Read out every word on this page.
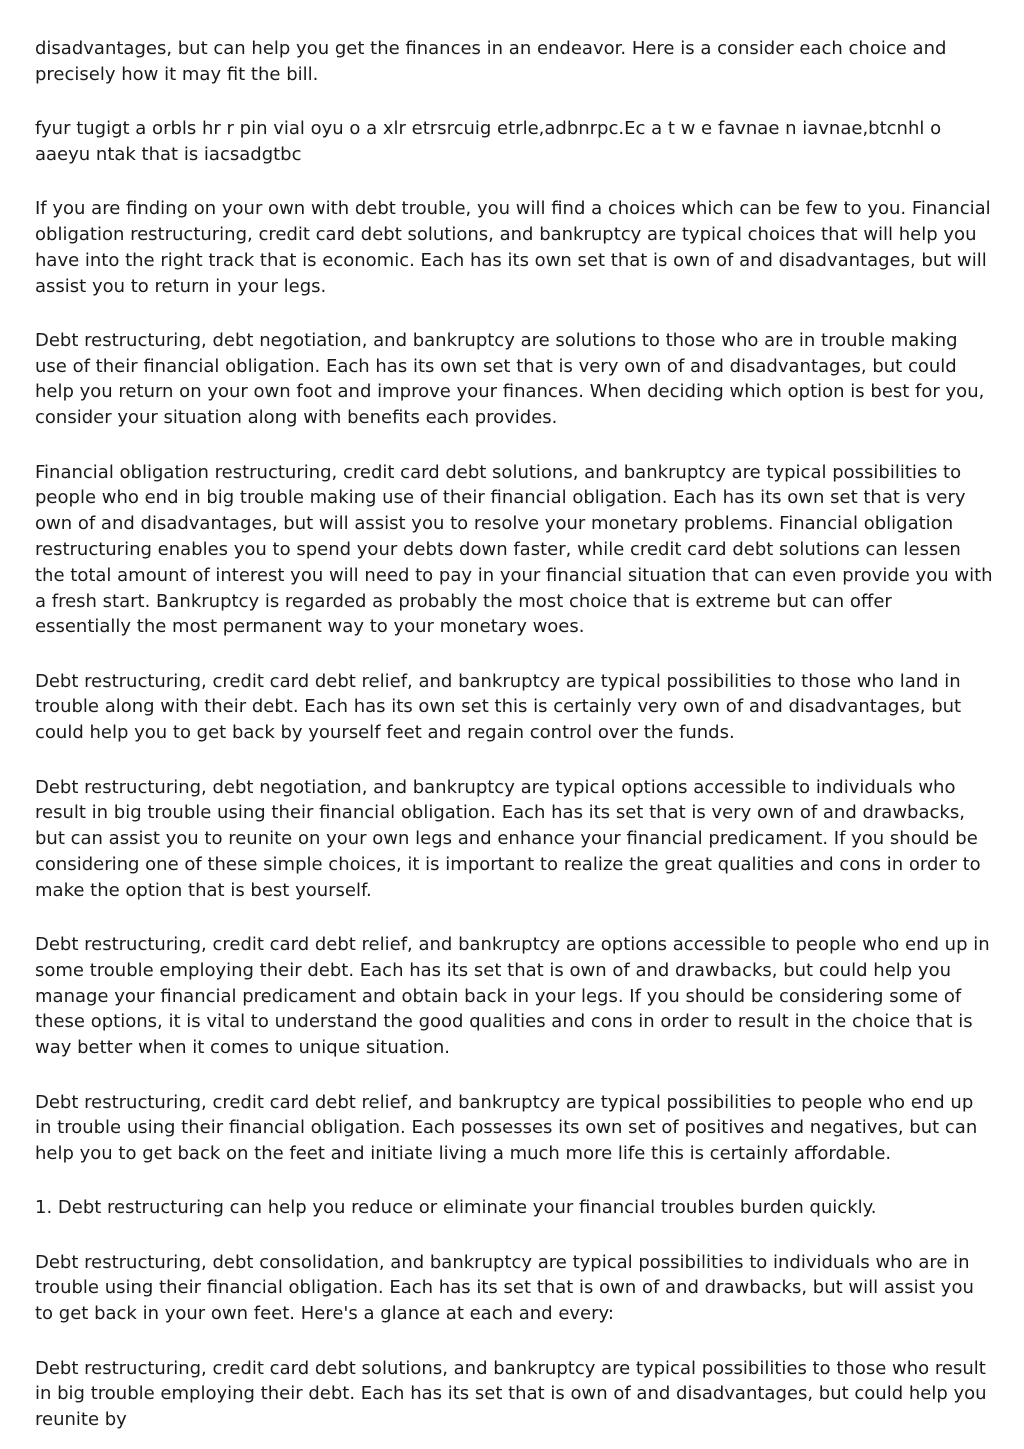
disadvantages, but can help you get the finances in an endeavor. Here is a consider each choice and precisely how it may fit the bill.

fyur tugigt a orbls hr r pin vial oyu o a xlr etrsrcuig etrle,adbnrpc.Ec a t w e favnae n iavnae,btcnhl o aaeyu ntak that is iacsadgtbc

If you are finding on your own with debt trouble, you will find a choices which can be few to you. Financial obligation restructuring, credit card debt solutions, and bankruptcy are typical choices that will help you have into the right track that is economic. Each has its own set that is own of and disadvantages, but will assist you to return in your legs.

Debt restructuring, debt negotiation, and bankruptcy are solutions to those who are in trouble making use of their financial obligation. Each has its own set that is very own of and disadvantages, but could help you return on your own foot and improve your finances. When deciding which option is best for you, consider your situation along with benefits each provides.

Financial obligation restructuring, credit card debt solutions, and bankruptcy are typical possibilities to people who end in big trouble making use of their financial obligation. Each has its own set that is very own of and disadvantages, but will assist you to resolve your monetary problems. Financial obligation restructuring enables you to spend your debts down faster, while credit card debt solutions can lessen the total amount of interest you will need to pay in your financial situation that can even provide you with a fresh start. Bankruptcy is regarded as probably the most choice that is extreme but can offer essentially the most permanent way to your monetary woes.

Debt restructuring, credit card debt relief, and bankruptcy are typical possibilities to those who land in trouble along with their debt. Each has its own set this is certainly very own of and disadvantages, but could help you to get back by yourself feet and regain control over the funds.

Debt restructuring, debt negotiation, and bankruptcy are typical options accessible to individuals who result in big trouble using their financial obligation. Each has its set that is very own of and drawbacks, but can assist you to reunite on your own legs and enhance your financial predicament. If you should be considering one of these simple choices, it is important to realize the great qualities and cons in order to make the option that is best yourself.

Debt restructuring, credit card debt relief, and bankruptcy are options accessible to people who end up in some trouble employing their debt. Each has its set that is own of and drawbacks, but could help you manage your financial predicament and obtain back in your legs. If you should be considering some of these options, it is vital to understand the good qualities and cons in order to result in the choice that is way better when it comes to unique situation.

Debt restructuring, credit card debt relief, and bankruptcy are typical possibilities to people who end up in trouble using their financial obligation. Each possesses its own set of positives and negatives, but can help you to get back on the feet and initiate living a much more life this is certainly affordable.

1. Debt restructuring can help you reduce or eliminate your financial troubles burden quickly.

Debt restructuring, debt consolidation, and bankruptcy are typical possibilities to individuals who are in trouble using their financial obligation. Each has its set that is own of and drawbacks, but will assist you to get back in your own feet. Here's a glance at each and every:

Debt restructuring, credit card debt solutions, and bankruptcy are typical possibilities to those who result in big trouble employing their debt. Each has its set that is own of and disadvantages, but could help you reunite by
